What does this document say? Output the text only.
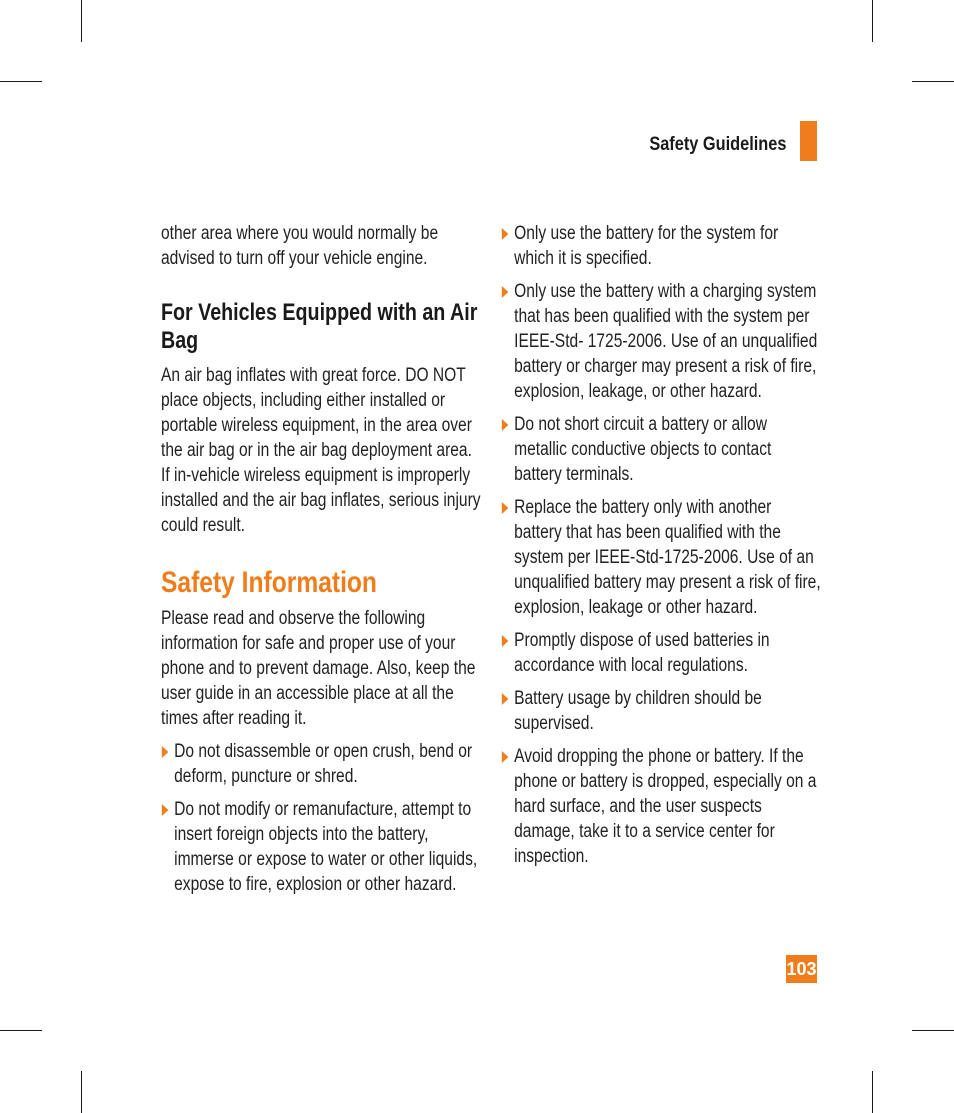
Safety Guidelines

other area where you would normally be advised to turn off your vehicle engine.

For Vehicles Equipped with an Air Bag

An air bag inflates with great force. DO NOT place objects, including either installed or portable wireless equipment, in the area over the air bag or in the air bag deployment area. If in-vehicle wireless equipment is improperly installed and the air bag inflates, serious injury could result.

Safety Information

Please read and observe the following information for safe and proper use of your phone and to prevent damage. Also, keep the user guide in an accessible place at all the times after reading it.

Do not disassemble or open crush, bend or deform, puncture or shred.
Do not modify or remanufacture, attempt to insert foreign objects into the battery, immerse or expose to water or other liquids, expose to fire, explosion or other hazard.
Only use the battery for the system for which it is specified.
Only use the battery with a charging system that has been qualified with the system per IEEE-Std- 1725-2006. Use of an unqualified battery or charger may present a risk of fire, explosion, leakage, or other hazard.
Do not short circuit a battery or allow metallic conductive objects to contact battery terminals.
Replace the battery only with another battery that has been qualified with the system per IEEE-Std-1725-2006. Use of an unqualified battery may present a risk of fire, explosion, leakage or other hazard.
Promptly dispose of used batteries in accordance with local regulations.
Battery usage by children should be supervised.
Avoid dropping the phone or battery. If the phone or battery is dropped, especially on a hard surface, and the user suspects damage, take it to a service center for inspection.
103
